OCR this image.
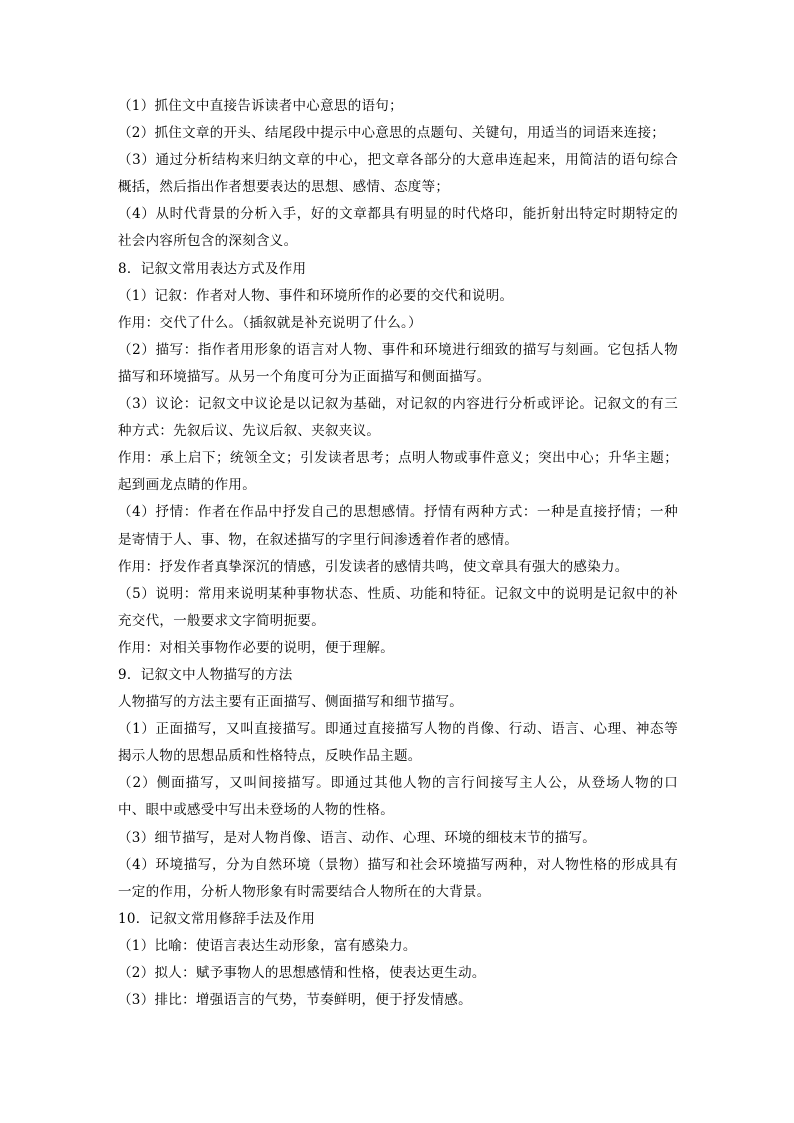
（1）抓住文中直接告诉读者中心意思的语句；

（2）抓住文章的开头、结尾段中提示中心意思的点题句、关键句，用适当的词语来连接；

（3）通过分析结构来归纳文章的中心，把文章各部分的大意串连起来，用简洁的语句综合概括，然后指出作者想要表达的思想、感情、态度等；

（4）从时代背景的分析入手，好的文章都具有明显的时代烙印，能折射出特定时期特定的社会内容所包含的深刻含义。

8．记叙文常用表达方式及作用

（1）记叙：作者对人物、事件和环境所作的必要的交代和说明。

作用：交代了什么。（插叙就是补充说明了什么。）

（2）描写：指作者用形象的语言对人物、事件和环境进行细致的描写与刻画。它包括人物描写和环境描写。从另一个角度可分为正面描写和侧面描写。

（3）议论：记叙文中议论是以记叙为基础，对记叙的内容进行分析或评论。记叙文的有三种方式：先叙后议、先议后叙、夹叙夹议。

作用：承上启下；统领全文；引发读者思考；点明人物或事件意义；突出中心；升华主题；起到画龙点睛的作用。

（4）抒情：作者在作品中抒发自己的思想感情。抒情有两种方式：一种是直接抒情；一种是寄情于人、事、物，在叙述描写的字里行间渗透着作者的感情。

作用：抒发作者真挚深沉的情感，引发读者的感情共鸣，使文章具有强大的感染力。

（5）说明：常用来说明某种事物状态、性质、功能和特征。记叙文中的说明是记叙中的补充交代，一般要求文字简明扼要。

作用：对相关事物作必要的说明，便于理解。

9．记叙文中人物描写的方法

人物描写的方法主要有正面描写、侧面描写和细节描写。

（1）正面描写，又叫直接描写。即通过直接描写人物的肖像、行动、语言、心理、神态等揭示人物的思想品质和性格特点，反映作品主题。

（2）侧面描写，又叫间接描写。即通过其他人物的言行间接写主人公，从登场人物的口中、眼中或感受中写出未登场的人物的性格。

（3）细节描写，是对人物肖像、语言、动作、心理、环境的细枝末节的描写。

（4）环境描写，分为自然环境（景物）描写和社会环境描写两种，对人物性格的形成具有一定的作用，分析人物形象有时需要结合人物所在的大背景。

10．记叙文常用修辞手法及作用

（1）比喻：使语言表达生动形象，富有感染力。

（2）拟人：赋予事物人的思想感情和性格，使表达更生动。

（3）排比：增强语言的气势，节奏鲜明，便于抒发情感。
